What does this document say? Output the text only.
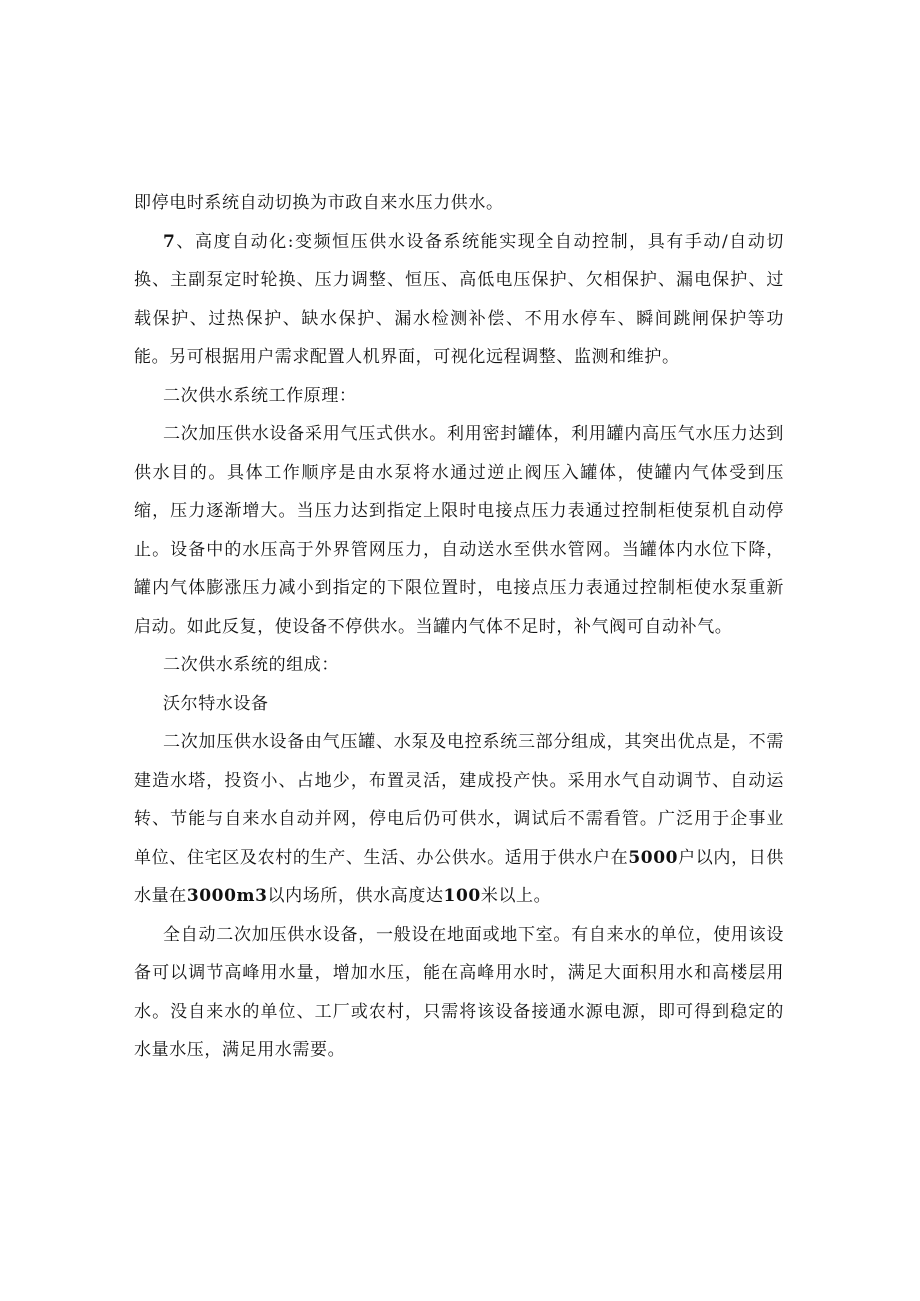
即停电时系统自动切换为市政自来水压力供水。

7、高度自动化:变频恒压供水设备系统能实现全自动控制，具有手动/自动切换、主副泵定时轮换、压力调整、恒压、高低电压保护、欠相保护、漏电保护、过载保护、过热保护、缺水保护、漏水检测补偿、不用水停车、瞬间跳闸保护等功能。另可根据用户需求配置人机界面，可视化远程调整、监测和维护。

二次供水系统工作原理：

二次加压供水设备采用气压式供水。利用密封罐体，利用罐内高压气水压力达到供水目的。具体工作顺序是由水泵将水通过逆止阀压入罐体，使罐内气体受到压缩，压力逐渐增大。当压力达到指定上限时电接点压力表通过控制柜使泵机自动停止。设备中的水压高于外界管网压力，自动送水至供水管网。当罐体内水位下降，罐内气体膨涨压力减小到指定的下限位置时，电接点压力表通过控制柜使水泵重新启动。如此反复，使设备不停供水。当罐内气体不足时，补气阀可自动补气。

二次供水系统的组成：

沃尔特水设备

二次加压供水设备由气压罐、水泵及电控系统三部分组成，其突出优点是，不需建造水塔，投资小、占地少，布置灵活，建成投产快。采用水气自动调节、自动运转、节能与自来水自动并网，停电后仍可供水，调试后不需看管。广泛用于企事业单位、住宅区及农村的生产、生活、办公供水。适用于供水户在5000户以内，日供水量在3000m3以内场所，供水高度达100米以上。

全自动二次加压供水设备，一般设在地面或地下室。有自来水的单位，使用该设备可以调节高峰用水量，增加水压，能在高峰用水时，满足大面积用水和高楼层用水。没自来水的单位、工厂或农村，只需将该设备接通水源电源，即可得到稳定的水量水压，满足用水需要。
